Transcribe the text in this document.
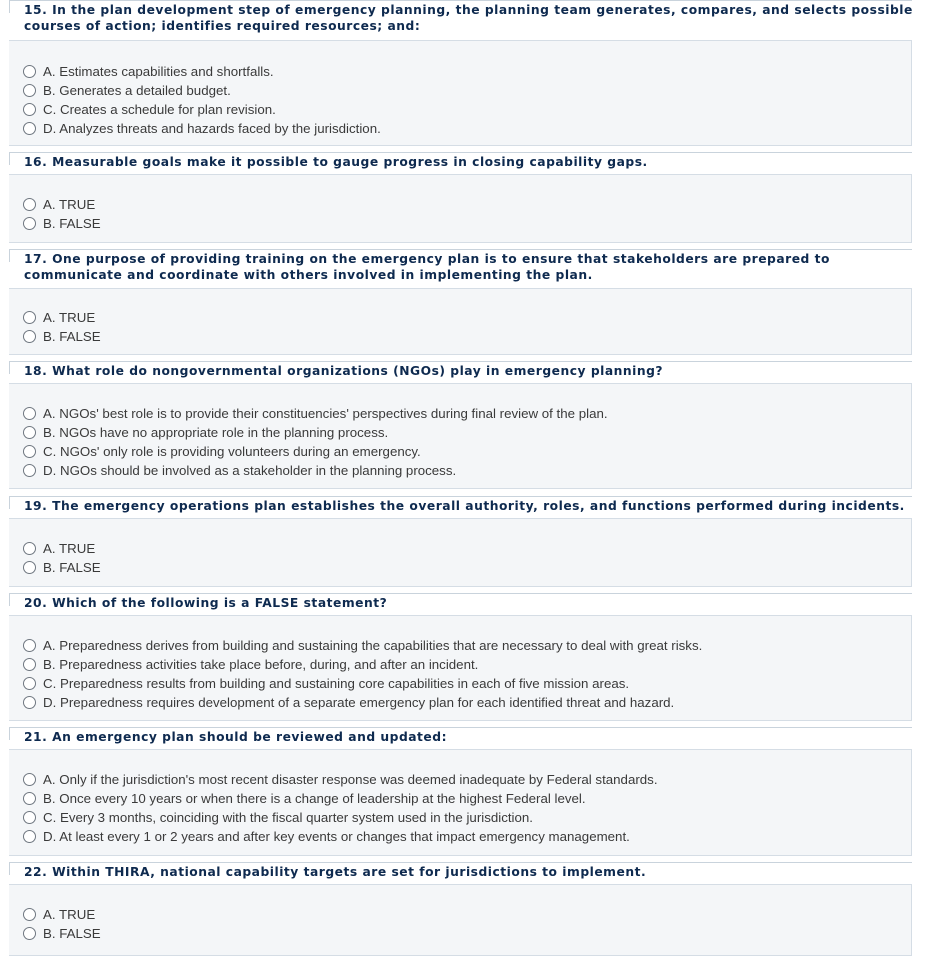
15. In the plan development step of emergency planning, the planning team generates, compares, and selects possible
courses of action; identifies required resources; and:
A. Estimates capabilities and shortfalls.
B. Generates a detailed budget.
C. Creates a schedule for plan revision.
D. Analyzes threats and hazards faced by the jurisdiction.
16. Measurable goals make it possible to gauge progress in closing capability gaps.
A. TRUE
B. FALSE
17. One purpose of providing training on the emergency plan is to ensure that stakeholders are prepared to
communicate and coordinate with others involved in implementing the plan.
A. TRUE
B. FALSE
18. What role do nongovernmental organizations (NGOs) play in emergency planning?
A. NGOs' best role is to provide their constituencies' perspectives during final review of the plan.
B. NGOs have no appropriate role in the planning process.
C. NGOs' only role is providing volunteers during an emergency.
D. NGOs should be involved as a stakeholder in the planning process.
19. The emergency operations plan establishes the overall authority, roles, and functions performed during incidents.
A. TRUE
B. FALSE
20. Which of the following is a FALSE statement?
A. Preparedness derives from building and sustaining the capabilities that are necessary to deal with great risks.
B. Preparedness activities take place before, during, and after an incident.
C. Preparedness results from building and sustaining core capabilities in each of five mission areas.
D. Preparedness requires development of a separate emergency plan for each identified threat and hazard.
21. An emergency plan should be reviewed and updated:
A. Only if the jurisdiction's most recent disaster response was deemed inadequate by Federal standards.
B. Once every 10 years or when there is a change of leadership at the highest Federal level.
C. Every 3 months, coinciding with the fiscal quarter system used in the jurisdiction.
D. At least every 1 or 2 years and after key events or changes that impact emergency management.
22. Within THIRA, national capability targets are set for jurisdictions to implement.
A. TRUE
B. FALSE
